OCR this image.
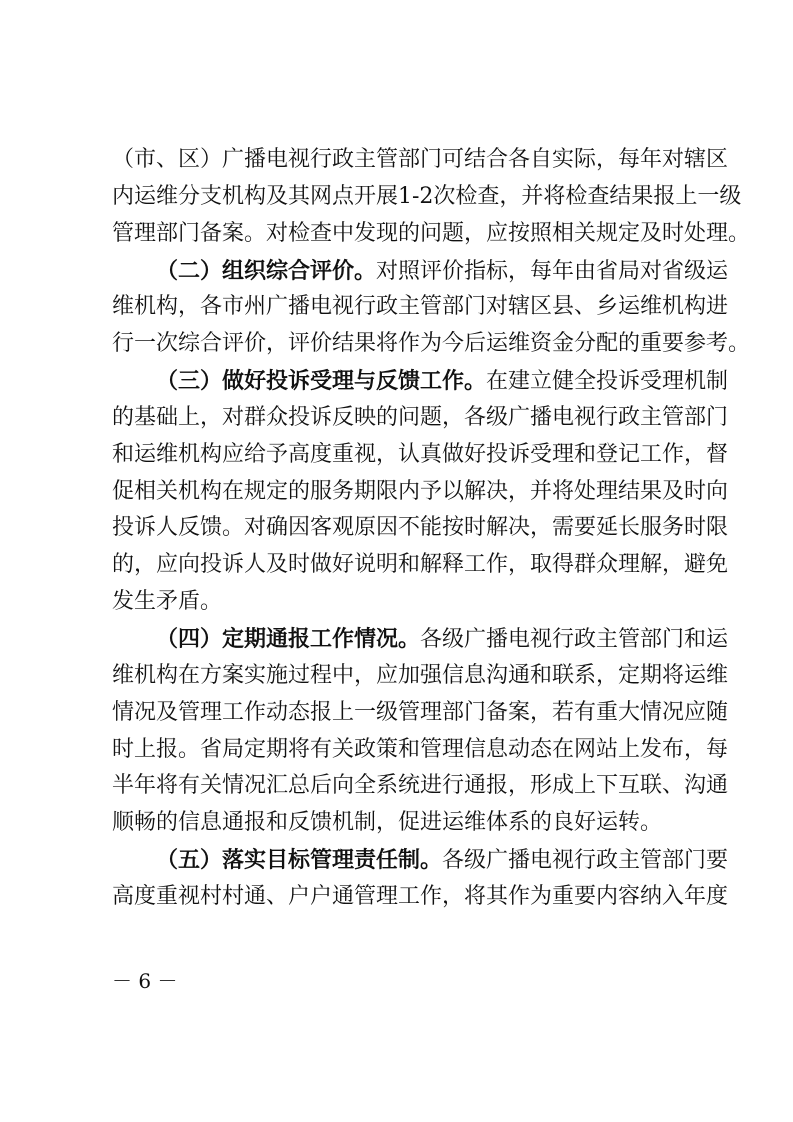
（市、区）广播电视行政主管部门可结合各自实际，每年对辖区
内运维分支机构及其网点开展1-2次检查，并将检查结果报上一级
管理部门备案。对检查中发现的问题，应按照相关规定及时处理。
（二）组织综合评价。对照评价指标，每年由省局对省级运
维机构，各市州广播电视行政主管部门对辖区县、乡运维机构进
行一次综合评价，评价结果将作为今后运维资金分配的重要参考。
（三）做好投诉受理与反馈工作。在建立健全投诉受理机制
的基础上，对群众投诉反映的问题，各级广播电视行政主管部门
和运维机构应给予高度重视，认真做好投诉受理和登记工作，督
促相关机构在规定的服务期限内予以解决，并将处理结果及时向
投诉人反馈。对确因客观原因不能按时解决，需要延长服务时限
的，应向投诉人及时做好说明和解释工作，取得群众理解，避免
发生矛盾。
（四）定期通报工作情况。各级广播电视行政主管部门和运
维机构在方案实施过程中，应加强信息沟通和联系，定期将运维
情况及管理工作动态报上一级管理部门备案，若有重大情况应随
时上报。省局定期将有关政策和管理信息动态在网站上发布，每
半年将有关情况汇总后向全系统进行通报，形成上下互联、沟通
顺畅的信息通报和反馈机制，促进运维体系的良好运转。
（五）落实目标管理责任制。各级广播电视行政主管部门要
高度重视村村通、户户通管理工作，将其作为重要内容纳入年度
－ 6 －
